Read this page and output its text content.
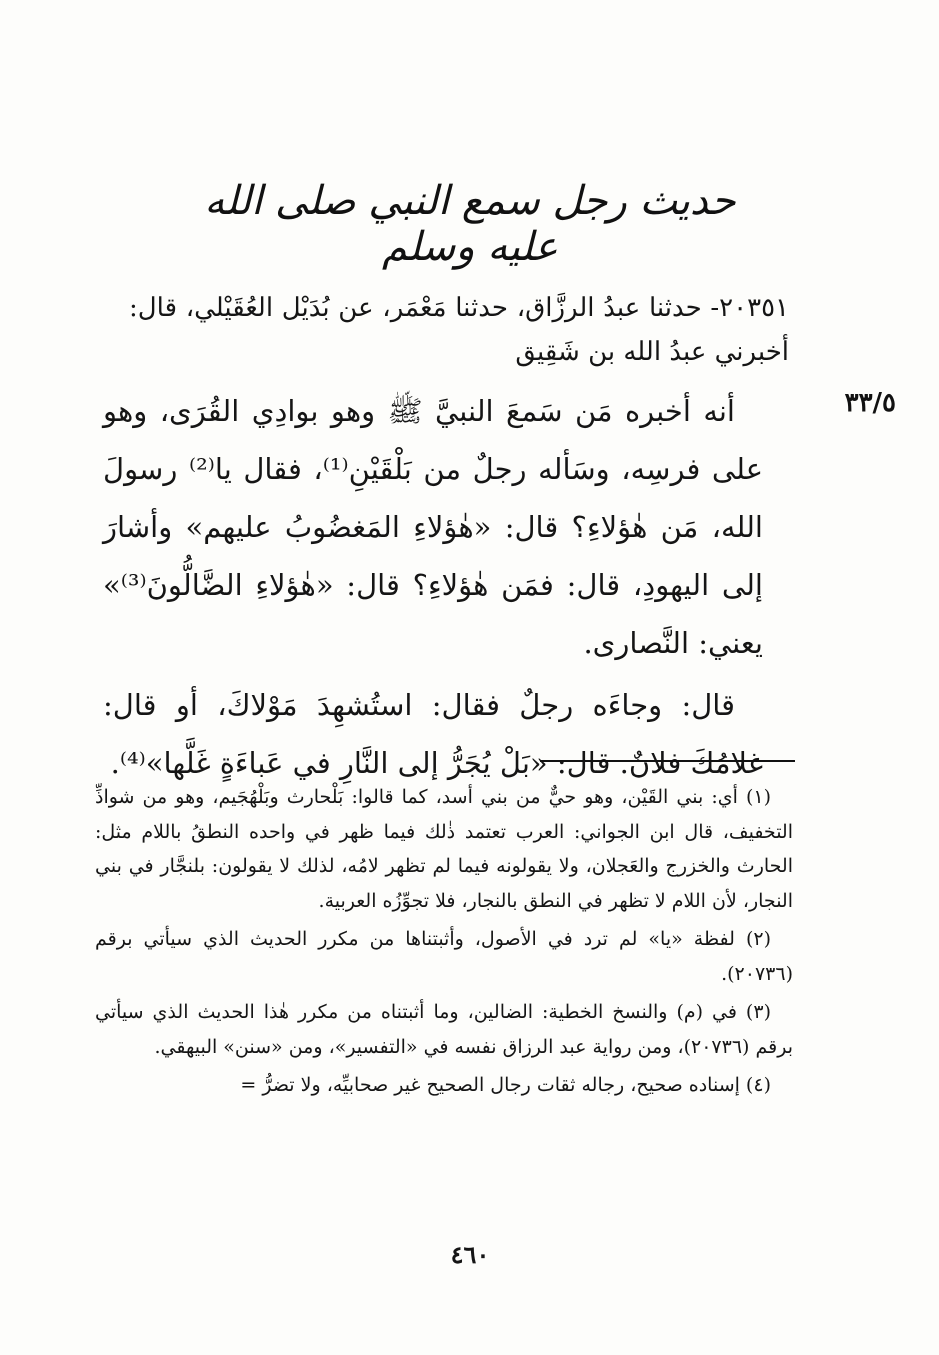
حديث رجل سمع النبي صلى الله عليه وسلم
٢٠٣٥١- حدثنا عبدُ الرزَّاق، حدثنا مَعْمَر، عن بُدَيْل العُقَيْلي، قال: أخبرني عبدُ الله بن شَقِيق
٣٣/٥

أنه أخبره مَن سَمعَ النبيَّ ﷺ وهو بوادِي القُرَى، وهو على فرسِه، وسَأله رجلٌ من بَلْقَيْنِ⁽¹⁾، فقال يا⁽²⁾ رسولَ الله، مَن هٰؤلاءِ؟ قال: «هٰؤلاءِ المَغضُوبُ عليهم» وأشارَ إلى اليهودِ، قال: فمَن هٰؤلاءِ؟ قال: «هٰؤلاءِ الضَّالُّونَ⁽³⁾» يعني: النَّصارى.

قال: وجاءَه رجلٌ فقال: استُشهِدَ مَوْلاكَ، أو قال: غلامُكَ فلانٌ. قال: «بَلْ يُجَرُّ إلى النَّارِ في عَباءَةٍ غَلَّها»⁽⁴⁾.

(١) أي: بني القَيْن، وهو حيٌّ من بني أسد، كما قالوا: بَلْحارث وبَلْهُجَيم، وهو من شواذِّ التخفيف، قال ابن الجواني: العرب تعتمد ذٰلك فيما ظهر في واحده النطقُ باللام مثل: الحارث والخزرج والعَجلان، ولا يقولونه فيما لم تظهر لامُه، لذلك لا يقولون: بلنجَّار في بني النجار، لأن اللام لا تظهر في النطق بالنجار، فلا تجوِّزُه العربية.

(٢) لفظة «يا» لم ترد في الأصول، وأثبتناها من مكرر الحديث الذي سيأتي برقم (٢٠٧٣٦).

(٣) في (م) والنسخ الخطية: الضالين، وما أثبتناه من مكرر هٰذا الحديث الذي سيأتي برقم (٢٠٧٣٦)، ومن رواية عبد الرزاق نفسه في «التفسير»، ومن «سنن» البيهقي.

(٤) إسناده صحيح، رجاله ثقات رجال الصحيح غير صحابيِّه، ولا تضرُّ =

٤٦٠
